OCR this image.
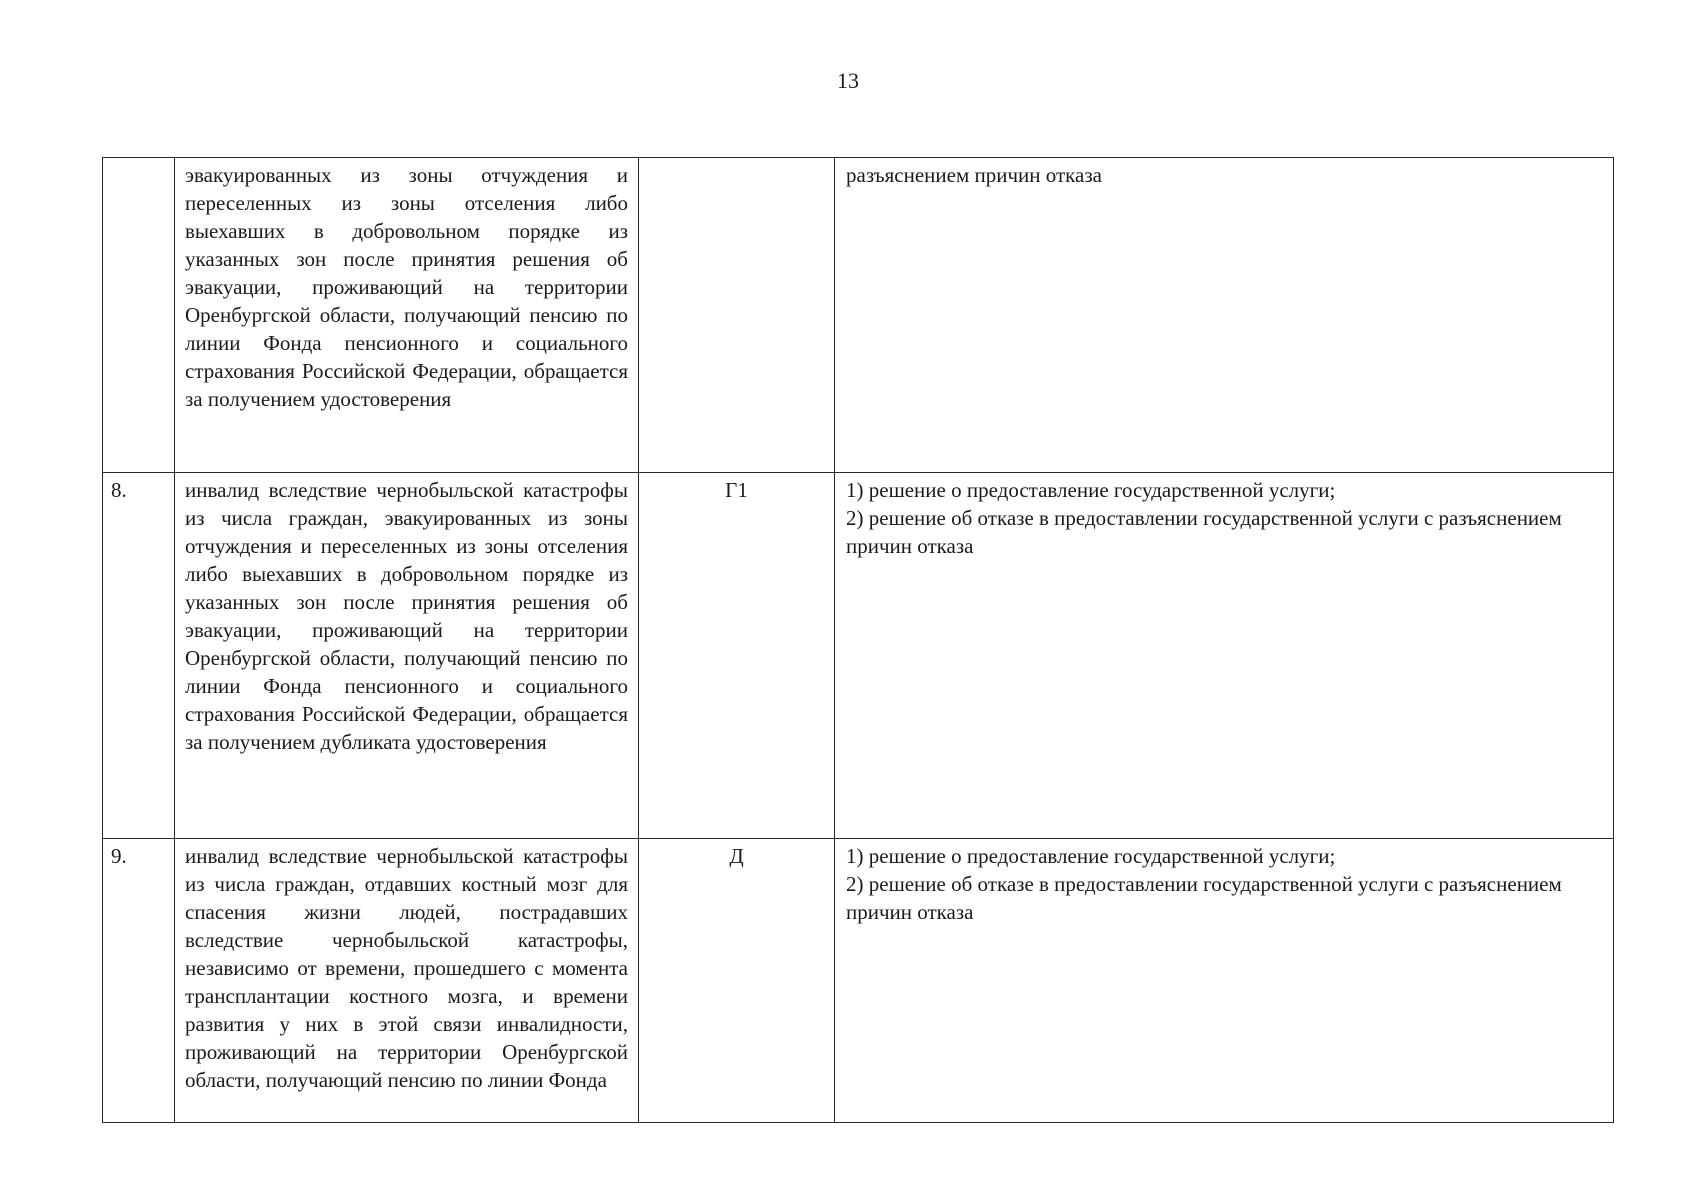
13
	эвакуированных из зоны отчуждения и переселенных из зоны отселения либо выехавших в добровольном порядке из указанных зон после принятия решения об эвакуации, проживающий на территории Оренбургской области, получающий пенсию по линии Фонда пенсионного и социального страхования Российской Федерации, обращается за получением удостоверения		разъяснением причин отказа

8.	инвалид вследствие чернобыльской катастрофы из числа граждан, эвакуированных из зоны отчуждения и переселенных из зоны отселения либо выехавших в добровольном порядке из указанных зон после принятия решения об эвакуации, проживающий на территории Оренбургской области, получающий пенсию по линии Фонда пенсионного и социального страхования Российской Федерации, обращается за получением дубликата удостоверения	Г1	1) решение о предоставление государственной услуги;
2) решение об отказе в предоставлении государственной услуги с разъяснением причин отказа

9.	инвалид вследствие чернобыльской катастрофы из числа граждан, отдавших костный мозг для спасения жизни людей, пострадавших вследствие чернобыльской катастрофы, независимо от времени, прошедшего с момента трансплантации костного мозга, и времени развития у них в этой связи инвалидности, проживающий на территории Оренбургской области, получающий пенсию по линии Фонда	Д	1) решение о предоставление государственной услуги;
2) решение об отказе в предоставлении государственной услуги с разъяснением причин отказа
